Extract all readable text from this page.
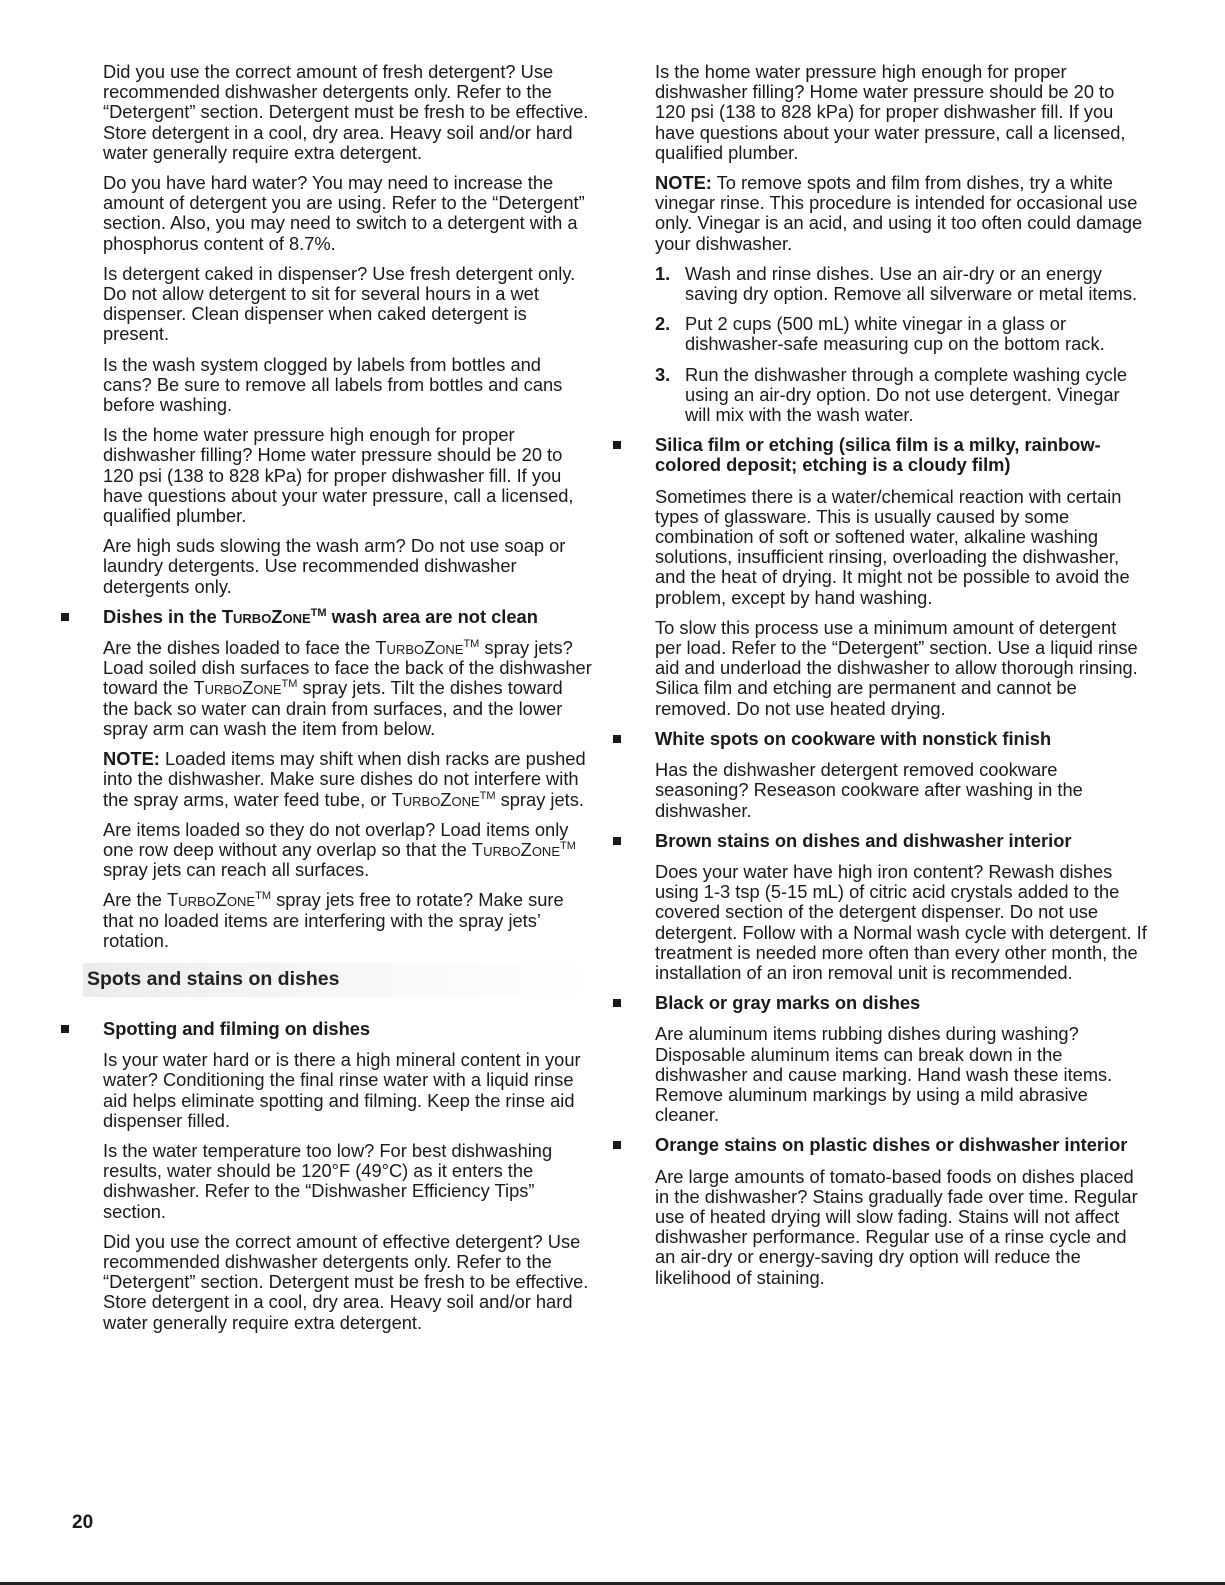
Did you use the correct amount of fresh detergent? Use recommended dishwasher detergents only. Refer to the “Detergent” section. Detergent must be fresh to be effective. Store detergent in a cool, dry area. Heavy soil and/or hard water generally require extra detergent.

Do you have hard water? You may need to increase the amount of detergent you are using. Refer to the “Detergent” section. Also, you may need to switch to a detergent with a phosphorus content of 8.7%.

Is detergent caked in dispenser? Use fresh detergent only. Do not allow detergent to sit for several hours in a wet dispenser. Clean dispenser when caked detergent is present.

Is the wash system clogged by labels from bottles and cans? Be sure to remove all labels from bottles and cans before washing.

Is the home water pressure high enough for proper dishwasher filling? Home water pressure should be 20 to 120 psi (138 to 828 kPa) for proper dishwasher fill. If you have questions about your water pressure, call a licensed, qualified plumber.

Are high suds slowing the wash arm? Do not use soap or laundry detergents. Use recommended dishwasher detergents only.

Dishes in the TurboZone™ wash area are not clean

Are the dishes loaded to face the TurboZone™ spray jets? Load soiled dish surfaces to face the back of the dishwasher toward the TurboZone™ spray jets. Tilt the dishes toward the back so water can drain from surfaces, and the lower spray arm can wash the item from below.

NOTE: Loaded items may shift when dish racks are pushed into the dishwasher. Make sure dishes do not interfere with the spray arms, water feed tube, or TurboZone™ spray jets.

Are items loaded so they do not overlap? Load items only one row deep without any overlap so that the TurboZone™ spray jets can reach all surfaces.

Are the TurboZone™ spray jets free to rotate? Make sure that no loaded items are interfering with the spray jets’ rotation.

Spots and stains on dishes
Spotting and filming on dishes

Is your water hard or is there a high mineral content in your water? Conditioning the final rinse water with a liquid rinse aid helps eliminate spotting and filming. Keep the rinse aid dispenser filled.

Is the water temperature too low? For best dishwashing results, water should be 120°F (49°C) as it enters the dishwasher. Refer to the “Dishwasher Efficiency Tips” section.

Did you use the correct amount of effective detergent? Use recommended dishwasher detergents only. Refer to the “Detergent” section. Detergent must be fresh to be effective. Store detergent in a cool, dry area. Heavy soil and/or hard water generally require extra detergent.

Is the home water pressure high enough for proper dishwasher filling? Home water pressure should be 20 to 120 psi (138 to 828 kPa) for proper dishwasher fill. If you have questions about your water pressure, call a licensed, qualified plumber.

NOTE: To remove spots and film from dishes, try a white vinegar rinse. This procedure is intended for occasional use only. Vinegar is an acid, and using it too often could damage your dishwasher.

1. Wash and rinse dishes. Use an air-dry or an energy saving dry option. Remove all silverware or metal items.
2. Put 2 cups (500 mL) white vinegar in a glass or dishwasher-safe measuring cup on the bottom rack.
3. Run the dishwasher through a complete washing cycle using an air-dry option. Do not use detergent. Vinegar will mix with the wash water.
Silica film or etching (silica film is a milky, rainbow-colored deposit; etching is a cloudy film)

Sometimes there is a water/chemical reaction with certain types of glassware. This is usually caused by some combination of soft or softened water, alkaline washing solutions, insufficient rinsing, overloading the dishwasher, and the heat of drying. It might not be possible to avoid the problem, except by hand washing.

To slow this process use a minimum amount of detergent per load. Refer to the “Detergent” section. Use a liquid rinse aid and underload the dishwasher to allow thorough rinsing. Silica film and etching are permanent and cannot be removed. Do not use heated drying.

White spots on cookware with nonstick finish

Has the dishwasher detergent removed cookware seasoning? Reseason cookware after washing in the dishwasher.

Brown stains on dishes and dishwasher interior

Does your water have high iron content? Rewash dishes using 1-3 tsp (5-15 mL) of citric acid crystals added to the covered section of the detergent dispenser. Do not use detergent. Follow with a Normal wash cycle with detergent. If treatment is needed more often than every other month, the installation of an iron removal unit is recommended.

Black or gray marks on dishes

Are aluminum items rubbing dishes during washing? Disposable aluminum items can break down in the dishwasher and cause marking. Hand wash these items. Remove aluminum markings by using a mild abrasive cleaner.

Orange stains on plastic dishes or dishwasher interior

Are large amounts of tomato-based foods on dishes placed in the dishwasher? Stains gradually fade over time. Regular use of heated drying will slow fading. Stains will not affect dishwasher performance. Regular use of a rinse cycle and an air-dry or energy-saving dry option will reduce the likelihood of staining.

20
